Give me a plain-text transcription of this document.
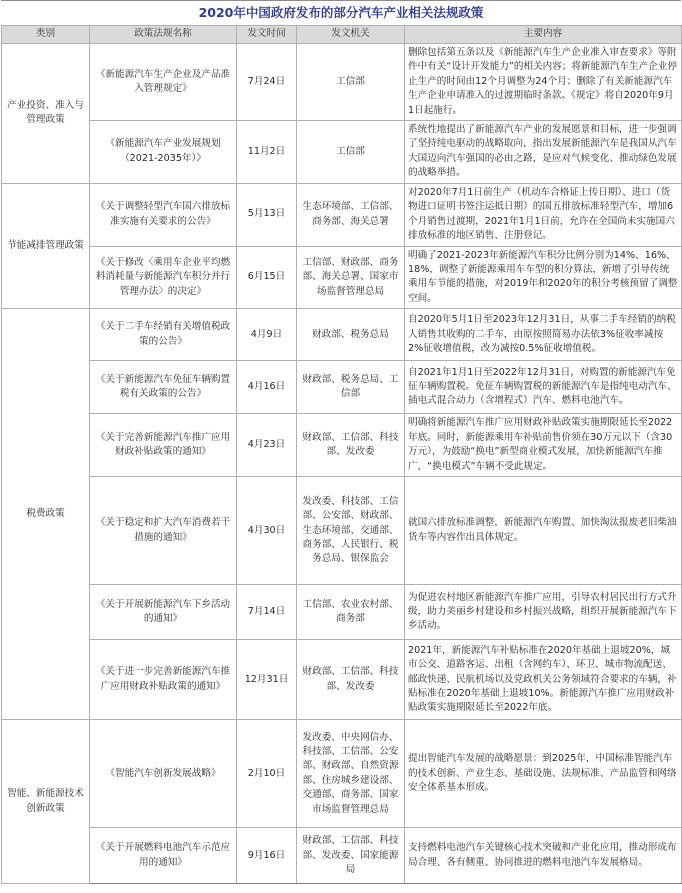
2020年中国政府发布的部分汽车产业相关法规政策
类别	政策法规名称	发文时间	发文机关	主要内容
产业投资、准入与管理政策	《新能源汽车生产企业及产品准入管理规定》	7月24日	工信部	删除包括第五条以及《新能源汽车生产企业准入审查要求》等附件中有关“设计开发能力”的相关内容；将新能源汽车生产企业停止生产的时间由12个月调整为24个月；删除了有关新能源汽车生产企业申请准入的过渡期临时条款。《规定》将自2020年9月1日起施行。
	《新能源汽车产业发展规划（2021-2035年）》	11月2日	工信部	系统性地提出了新能源汽车产业的发展愿景和目标，进一步强调了坚持纯电驱动的战略取向，指出发展新能源汽车是我国从汽车大国迈向汽车强国的必由之路，是应对气候变化、推动绿色发展的战略举措。
节能减排管理政策	《关于调整轻型汽车国六排放标准实施有关要求的公告》	5月13日	生态环境部、工信部、商务部、海关总署	对2020年7月1日前生产（机动车合格证上传日期）、进口（货物进口证明书签注运抵日期）的国五排放标准轻型汽车，增加6个月销售过渡期，2021年1月1日前，允许在全国尚未实施国六排放标准的地区销售、注册登记。
	《关于修改〈乘用车企业平均燃料消耗量与新能源汽车积分并行管理办法〉的决定》	6月15日	工信部、财政部、商务部、海关总署、国家市场监督管理总局	明确了2021-2023年新能源汽车积分比例分别为14%、16%、18%，调整了新能源乘用车车型的积分算法，新增了引导传统乘用车节能的措施，对2019年和2020年的积分考核预留了调整空间。
税费政策	《关于二手车经销有关增值税政策的公告》	4月9日	财政部、税务总局	自2020年5月1日至2023年12月31日，从事二手车经销的纳税人销售其收购的二手车，由原按照简易办法依3%征收率减按2%征收增值税，改为减按0.5%征收增值税。
	《关于新能源汽车免征车辆购置税有关政策的公告》	4月16日	财政部、税务总局、工信部	自2021年1月1日至2022年12月31日，对购置的新能源汽车免征车辆购置税。免征车辆购置税的新能源汽车是指纯电动汽车、插电式混合动力（含增程式）汽车、燃料电池汽车。
	《关于完善新能源汽车推广应用财政补贴政策的通知》	4月23日	财政部、工信部、科技部、发改委	明确将新能源汽车推广应用财政补贴政策实施期限延长至2022年底。同时，新能源乘用车补贴前售价须在30万元以下（含30万元），为鼓励“换电”新型商业模式发展，加快新能源汽车推广，“换电模式”车辆不受此规定。
	《关于稳定和扩大汽车消费若干措施的通知》	4月30日	发改委、科技部、工信部、公安部、财政部、生态环境部、交通部、商务部、人民银行、税务总局、银保监会	就国六排放标准调整，新能源汽车购置、加快淘汰报废老旧柴油货车等内容作出具体规定。
	《关于开展新能源汽车下乡活动的通知》	7月14日	工信部、农业农村部、商务部	为促进农村地区新能源汽车推广应用，引导农村居民出行方式升级，助力美丽乡村建设和乡村振兴战略，组织开展新能源汽车下乡活动。
	《关于进一步完善新能源汽车推广应用财政补贴政策的通知》	12月31日	财政部、工信部、科技部、发改委	2021年，新能源汽车补贴标准在2020年基础上退坡20%，城市公交、道路客运、出租（含网约车）、环卫、城市物流配送、邮政快递、民航机场以及党政机关公务领域符合要求的车辆，补贴标准在2020年基础上退坡10%。新能源汽车推广应用财政补贴政策实施期限延长至2022年底。
智能、新能源技术创新政策	《智能汽车创新发展战略》	2月10日	发改委、中央网信办、科技部、工信部、公安部、财政部、自然资源部、住房城乡建设部、交通部、商务部、国家市场监督管理总局	提出智能汽车发展的战略愿景：到2025年，中国标准智能汽车的技术创新、产业生态、基础设施、法规标准、产品监管和网络安全体系基本形成。
	《关于开展燃料电池汽车示范应用的通知》	9月16日	财政部、工信部、科技部、发改委、国家能源局	支持燃料电池汽车关键核心技术突破和产业化应用，推动形成布局合理、各有侧重、协同推进的燃料电池汽车发展格局。
